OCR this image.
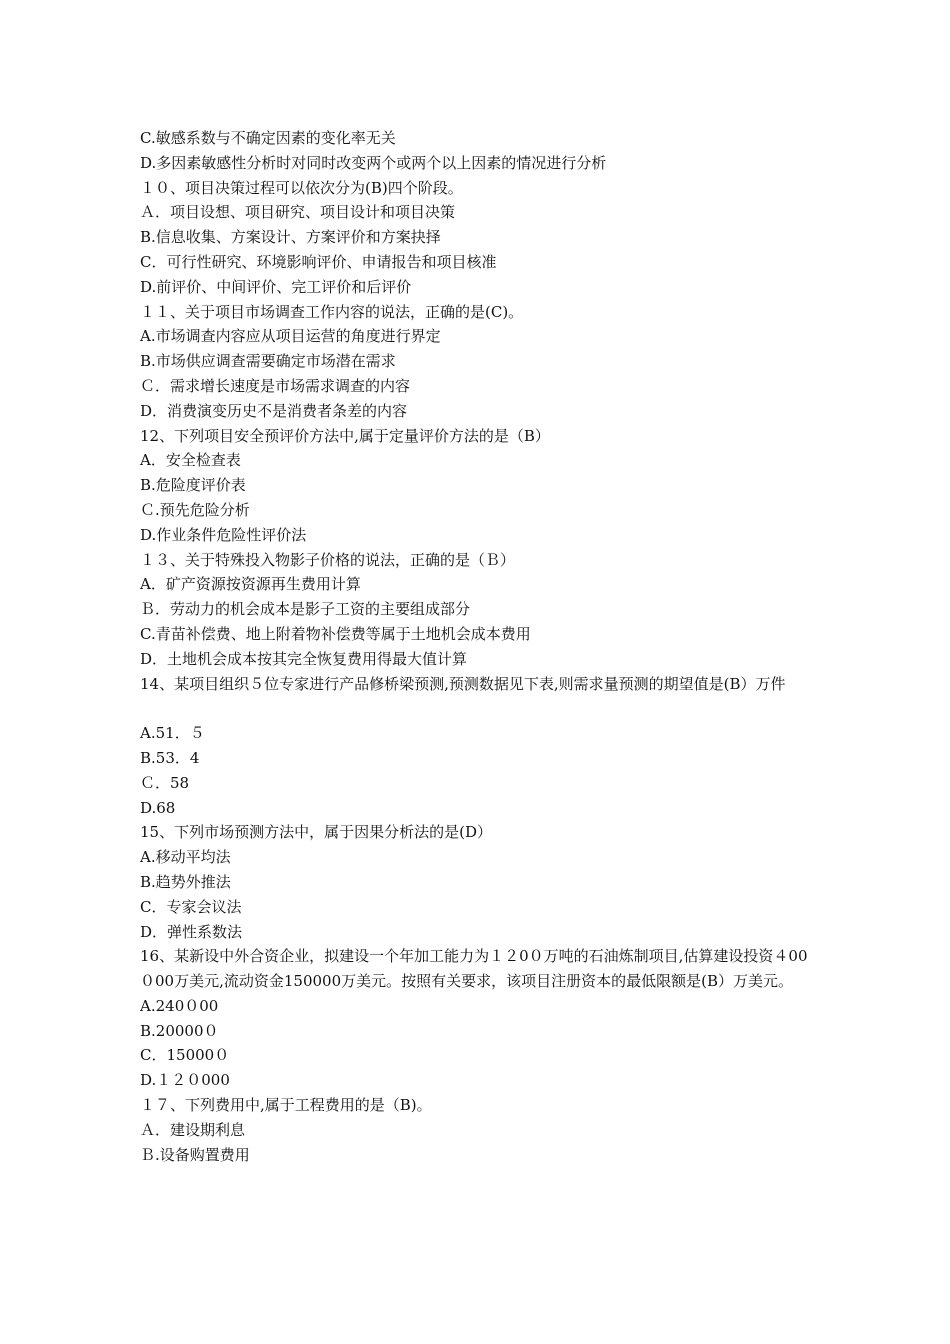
C.敏感系数与不确定因素的变化率无关
D.多因素敏感性分析时对同时改变两个或两个以上因素的情况进行分析
１０、项目决策过程可以依次分为(B)四个阶段。
Ａ．项目设想、项目研究、项目设计和项目决策
B.信息收集、方案设计、方案评价和方案抉择
C．可行性研究、环境影响评价、申请报告和项目核准
D.前评价、中间评价、完工评价和后评价
１１、关于项目市场调查工作内容的说法，正确的是(C)。
A.市场调查内容应从项目运营的角度进行界定
B.市场供应调查需要确定市场潜在需求
Ｃ．需求增长速度是市场需求调查的内容
D．消费演变历史不是消费者条差的内容
12、下列项目安全预评价方法中,属于定量评价方法的是（B）
A．安全检查表
B.危险度评价表
Ｃ.预先危险分析
D.作业条件危险性评价法
１３、关于特殊投入物影子价格的说法，正确的是（Ｂ）
A．矿产资源按资源再生费用计算
Ｂ．劳动力的机会成本是影子工资的主要组成部分
C.青苗补偿费、地上附着物补偿费等属于土地机会成本费用
D．土地机会成本按其完全恢复费用得最大值计算
14、某项目组织５位专家进行产品修桥梁预测,预测数据见下表,则需求量预测的期望值是(B）万件
A.51．５
B.53．4
Ｃ．58
D.68
15、下列市场预测方法中，属于因果分析法的是(D）
A.移动平均法
B.趋势外推法
C．专家会议法
D．弹性系数法
16、某新设中外合资企业，拟建设一个年加工能力为１２0０万吨的石油炼制项目,估算建设投资４00０00万美元,流动资金150000万美元。按照有关要求，该项目注册资本的最低限额是(B）万美元。
A.240０00
B.20000０
C．15000０
D.１２０000
１７、下列费用中,属于工程费用的是（B)。
Ａ．建设期利息
Ｂ.设备购置费用
